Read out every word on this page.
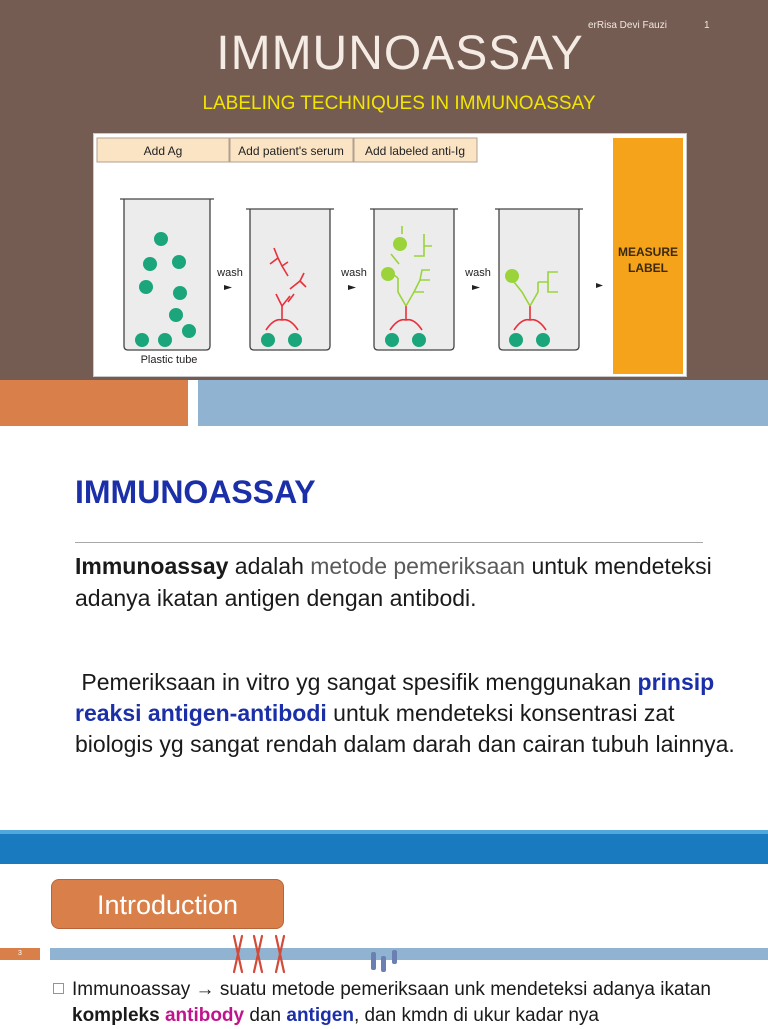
erRisa Devi Fauzi	1
IMMUNOASSAY
LABELING TECHNIQUES IN IMMUNOASSAY
Add Ag	Add patient's serum Add labeled anti-Ig
MEASURE
LABEL
Plastic tube
wash	wash	wash
IMMUNOASSAY
Immunoassay adalah metode pemeriksaan untuk mendeteksi adanya ikatan antigen dengan antibodi.
Pemeriksaan in vitro yg sangat spesifik menggunakan prinsip reaksi antigen-antibodi untuk mendeteksi konsentrasi zat biologis yg sangat rendah dalam darah dan cairan tubuh lainnya.
Introduction
3
Immunoassay → suatu metode pemeriksaan unk mendeteksi adanya ikatan kompleks antibody dan antigen, dan kmdn di ukur kadar nya
